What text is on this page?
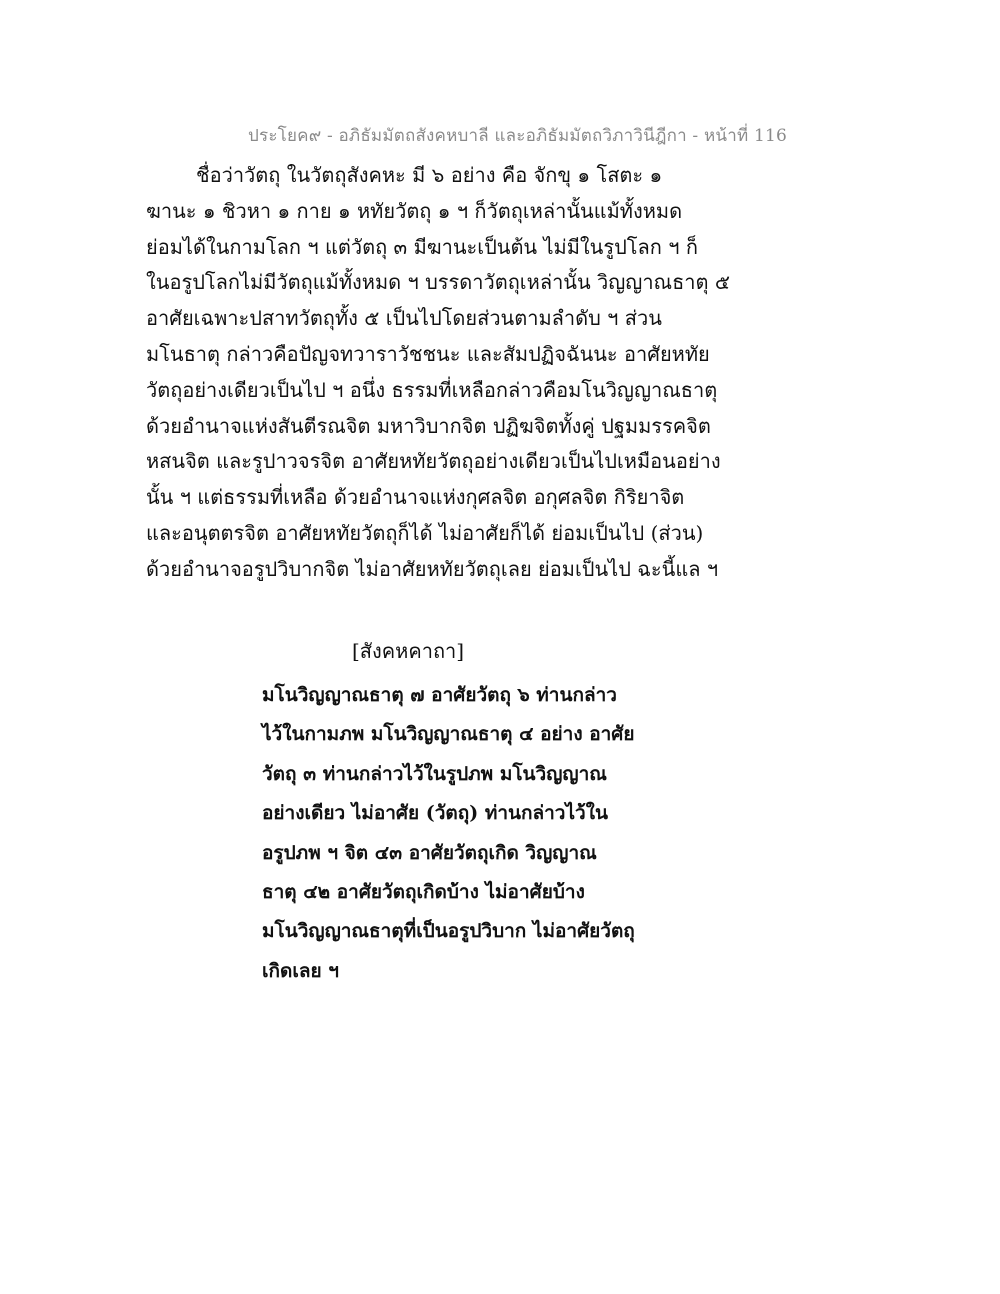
ประโยค๙ - อภิธัมมัตถสังคหบาลี และอภิธัมมัตถวิภาวินีฎีกา - หน้าที่ 116
ชื่อว่าวัตถุ ในวัตถุสังคหะ มี ๖ อย่าง คือ จักขุ ๑ โสตะ ๑
ฆานะ ๑ ชิวหา ๑ กาย ๑ หทัยวัตถุ ๑ ฯ ก็วัตถุเหล่านั้นแม้ทั้งหมด
ย่อมได้ในกามโลก ฯ แต่วัตถุ ๓ มีฆานะเป็นต้น ไม่มีในรูปโลก ฯ ก็
ในอรูปโลกไม่มีวัตถุแม้ทั้งหมด ฯ บรรดาวัตถุเหล่านั้น วิญญาณธาตุ ๕
อาศัยเฉพาะปสาทวัตถุทั้ง ๕ เป็นไปโดยส่วนตามลำดับ ฯ ส่วน
มโนธาตุ กล่าวคือปัญจทวาราวัชชนะ และสัมปฏิจฉันนะ อาศัยหทัย
วัตถุอย่างเดียวเป็นไป ฯ อนึ่ง ธรรมที่เหลือกล่าวคือมโนวิญญาณธาตุ
ด้วยอำนาจแห่งสันตีรณจิต มหาวิบากจิต ปฏิฆจิตทั้งคู่ ปฐมมรรคจิต
หสนจิต และรูปาวจรจิต อาศัยหทัยวัตถุอย่างเดียวเป็นไปเหมือนอย่าง
นั้น ฯ แต่ธรรมที่เหลือ ด้วยอำนาจแห่งกุศลจิต อกุศลจิต กิริยาจิต
และอนุตตรจิต อาศัยหทัยวัตถุก็ได้ ไม่อาศัยก็ได้ ย่อมเป็นไป (ส่วน)
ด้วยอำนาจอรูปวิบากจิต ไม่อาศัยหทัยวัตถุเลย ย่อมเป็นไป ฉะนี้แล ฯ
[สังคหคาถา]
มโนวิญญาณธาตุ ๗ อาศัยวัตถุ ๖ ท่านกล่าว
ไว้ในกามภพ มโนวิญญาณธาตุ ๔ อย่าง อาศัย
วัตถุ ๓ ท่านกล่าวไว้ในรูปภพ มโนวิญญาณ
อย่างเดียว ไม่อาศัย (วัตถุ) ท่านกล่าวไว้ใน
อรูปภพ ฯ จิต ๔๓ อาศัยวัตถุเกิด วิญญาณ
ธาตุ ๔๒ อาศัยวัตถุเกิดบ้าง ไม่อาศัยบ้าง
มโนวิญญาณธาตุที่เป็นอรูปวิบาก ไม่อาศัยวัตถุ
เกิดเลย ฯ
